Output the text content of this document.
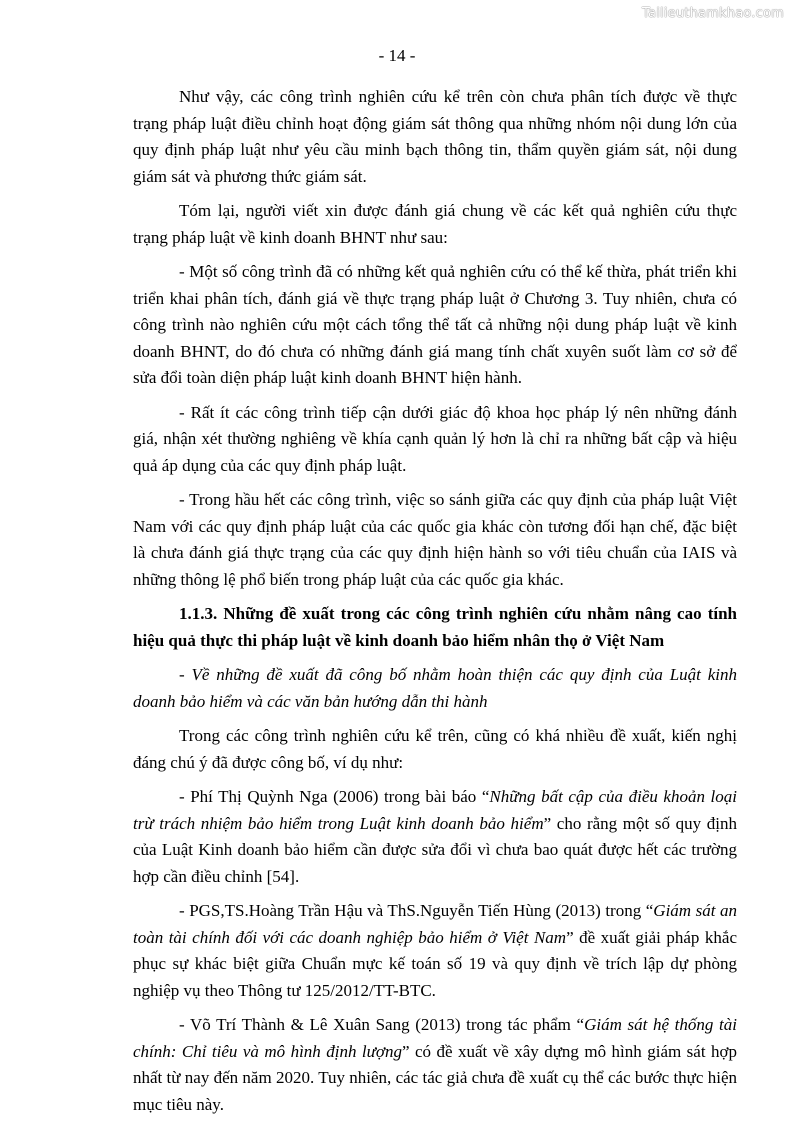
Tailieuthamkhao.com
- 14 -

Như vậy, các công trình nghiên cứu kể trên còn chưa phân tích được về thực trạng pháp luật điều chỉnh hoạt động giám sát thông qua những nhóm nội dung lớn của quy định pháp luật như yêu cầu minh bạch thông tin, thẩm quyền giám sát, nội dung giám sát và phương thức giám sát.

Tóm lại, người viết xin được đánh giá chung về các kết quả nghiên cứu thực trạng pháp luật về kinh doanh BHNT như sau:

- Một số công trình đã có những kết quả nghiên cứu có thể kế thừa, phát triển khi triển khai phân tích, đánh giá về thực trạng pháp luật ở Chương 3. Tuy nhiên, chưa có công trình nào nghiên cứu một cách tổng thể tất cả những nội dung pháp luật về kinh doanh BHNT, do đó chưa có những đánh giá mang tính chất xuyên suốt làm cơ sở để sửa đổi toàn diện pháp luật kinh doanh BHNT hiện hành.

- Rất ít các công trình tiếp cận dưới giác độ khoa học pháp lý nên những đánh giá, nhận xét thường nghiêng về khía cạnh quản lý hơn là chỉ ra những bất cập và hiệu quả áp dụng của các quy định pháp luật.

- Trong hầu hết các công trình, việc so sánh giữa các quy định của pháp luật Việt Nam với các quy định pháp luật của các quốc gia khác còn tương đối hạn chế, đặc biệt là chưa đánh giá thực trạng của các quy định hiện hành so với tiêu chuẩn của IAIS và những thông lệ phổ biến trong pháp luật của các quốc gia khác.

1.1.3. Những đề xuất trong các công trình nghiên cứu nhằm nâng cao tính hiệu quả thực thi pháp luật về kinh doanh bảo hiểm nhân thọ ở Việt Nam

- Về những đề xuất đã công bố nhằm hoàn thiện các quy định của Luật kinh doanh bảo hiểm và các văn bản hướng dẫn thi hành

Trong các công trình nghiên cứu kể trên, cũng có khá nhiều đề xuất, kiến nghị đáng chú ý đã được công bố, ví dụ như:

- Phí Thị Quỳnh Nga (2006) trong bài báo “Những bất cập của điều khoản loại trừ trách nhiệm bảo hiểm trong Luật kinh doanh bảo hiểm” cho rằng một số quy định của Luật Kinh doanh bảo hiểm cần được sửa đổi vì chưa bao quát được hết các trường hợp cần điều chỉnh [54].

- PGS,TS.Hoàng Trần Hậu và ThS.Nguyễn Tiến Hùng (2013) trong “Giám sát an toàn tài chính đối với các doanh nghiệp bảo hiểm ở Việt Nam” đề xuất giải pháp khắc phục sự khác biệt giữa Chuẩn mực kế toán số 19 và quy định về trích lập dự phòng nghiệp vụ theo Thông tư 125/2012/TT-BTC.

- Võ Trí Thành & Lê Xuân Sang (2013) trong tác phẩm “Giám sát hệ thống tài chính: Chỉ tiêu và mô hình định lượng” có đề xuất về xây dựng mô hình giám sát hợp nhất từ nay đến năm 2020. Tuy nhiên, các tác giả chưa đề xuất cụ thể các bước thực hiện mục tiêu này.
